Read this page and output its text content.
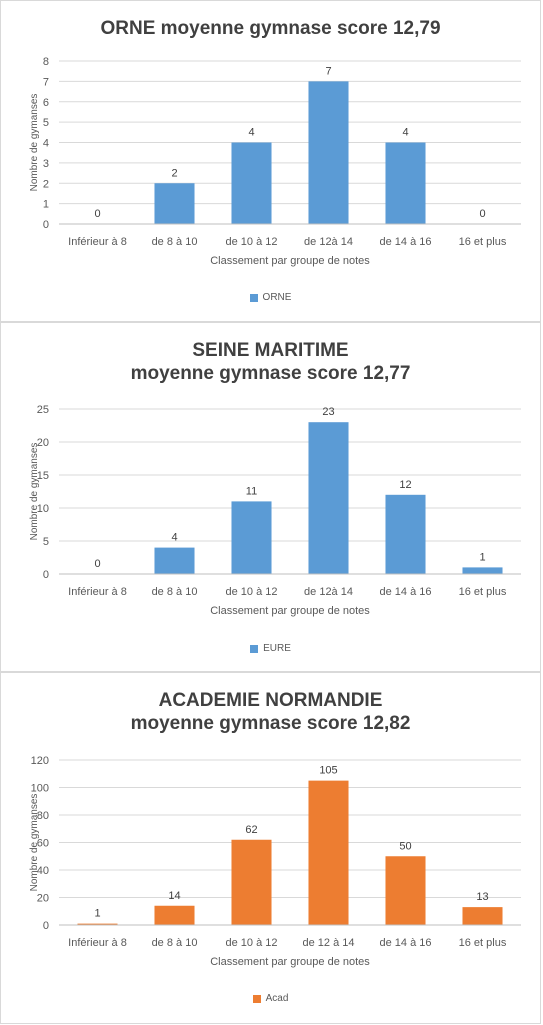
ORNE moyenne gymnase score 12,79
0
1
2
3
4
5
6
7
8
Nombre de gymanses
0
Inférieur à 8
2
de 8 à 10
4
de 10 à 12
7
de 12à 14
4
de 14 à 16
0
16 et plus
Classement par groupe de notes
ORNE
SEINE MARITIME
moyenne gymnase score 12,77
0
5
10
15
20
25
Nombre de gymanses
0
Inférieur à 8
4
de 8 à 10
11
de 10 à 12
23
de 12à 14
12
de 14 à 16
1
16 et plus
Classement par groupe de notes
EURE
ACADEMIE NORMANDIE
moyenne gymnase score 12,82
0
20
40
60
80
100
120
Nombre de gymanses
1
Inférieur à 8
14
de 8 à 10
62
de 10 à 12
105
de 12 à 14
50
de 14 à 16
13
16 et plus
Classement par groupe de notes
Acad
